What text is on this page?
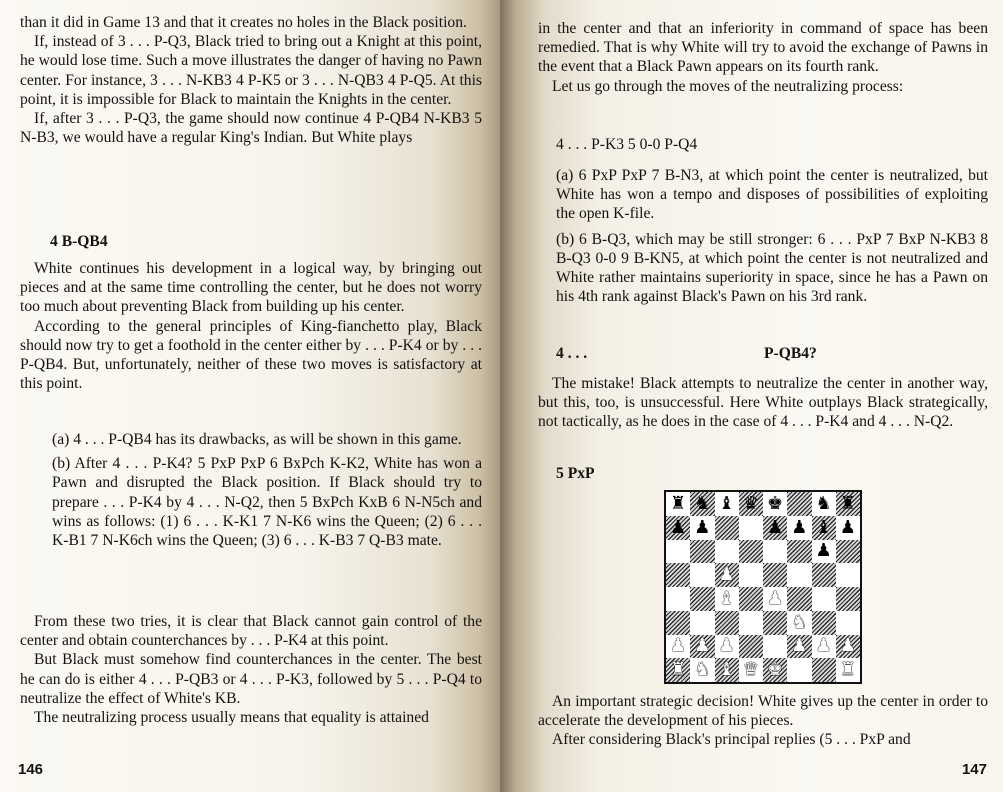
than it did in Game 13 and that it creates no holes in the Black position.

If, instead of 3 . . . P-Q3, Black tried to bring out a Knight at this point, he would lose time. Such a move illustrates the danger of having no Pawn center. For instance, 3 . . . N-KB3 4 P-K5 or 3 . . . N-QB3 4 P-Q5. At this point, it is impossible for Black to maintain the Knights in the center.

If, after 3 . . . P-Q3, the game should now continue 4 P-QB4 N-KB3 5 N-B3, we would have a regular King's Indian. But White plays

4 B-QB4

White continues his development in a logical way, by bringing out pieces and at the same time controlling the center, but he does not worry too much about preventing Black from building up his center.

According to the general principles of King-fianchetto play, Black should now try to get a foothold in the center either by . . . P-K4 or by . . . P-QB4. But, unfortunately, neither of these two moves is satisfactory at this point.

(a) 4 . . . P-QB4 has its drawbacks, as will be shown in this game.

(b) After 4 . . . P-K4? 5 PxP PxP 6 BxPch K-K2, White has won a Pawn and disrupted the Black position. If Black should try to prepare . . . P-K4 by 4 . . . N-Q2, then 5 BxPch KxB 6 N-N5ch and wins as follows: (1) 6 . . . K-K1 7 N-K6 wins the Queen; (2) 6 . . . K-B1 7 N-K6ch wins the Queen; (3) 6 . . . K-B3 7 Q-B3 mate.

From these two tries, it is clear that Black cannot gain control of the center and obtain counterchances by . . . P-K4 at this point.

But Black must somehow find counterchances in the center. The best he can do is either 4 . . . P-QB3 or 4 . . . P-K3, followed by 5 . . . P-Q4 to neutralize the effect of White's KB.

The neutralizing process usually means that equality is attained

146

in the center and that an inferiority in command of space has been remedied. That is why White will try to avoid the exchange of Pawns in the event that a Black Pawn appears on its fourth rank.

Let us go through the moves of the neutralizing process:

4 . . . P-K3 5 0-0 P-Q4

(a) 6 PxP PxP 7 B-N3, at which point the center is neutralized, but White has won a tempo and disposes of possibilities of exploiting the open K-file.

(b) 6 B-Q3, which may be still stronger: 6 . . . PxP 7 BxP N-KB3 8 B-Q3 0-0 9 B-KN5, at which point the center is not neutralized and White rather maintains superiority in space, since he has a Pawn on his 4th rank against Black's Pawn on his 3rd rank.

4 . . .	P-QB4?

The mistake! Black attempts to neutralize the center in another way, but this, too, is unsuccessful. Here White outplays Black strategically, not tactically, as he does in the case of 4 . . . P-K4 and 4 . . . N-Q2.

5 PxP

An important strategic decision! White gives up the center in order to accelerate the development of his pieces.

After considering Black's principal replies (5 . . . PxP and

147
♜ ♞ ♝ ♛ ♚ ♞ ♜
♟ ♟	♟ ♟ ♝ ♟
♟
♟
♝ ♟
♞
♟ ♟ ♟	♟ ♟ ♟
♜ ♞ ♝ ♛ ♚	♜
